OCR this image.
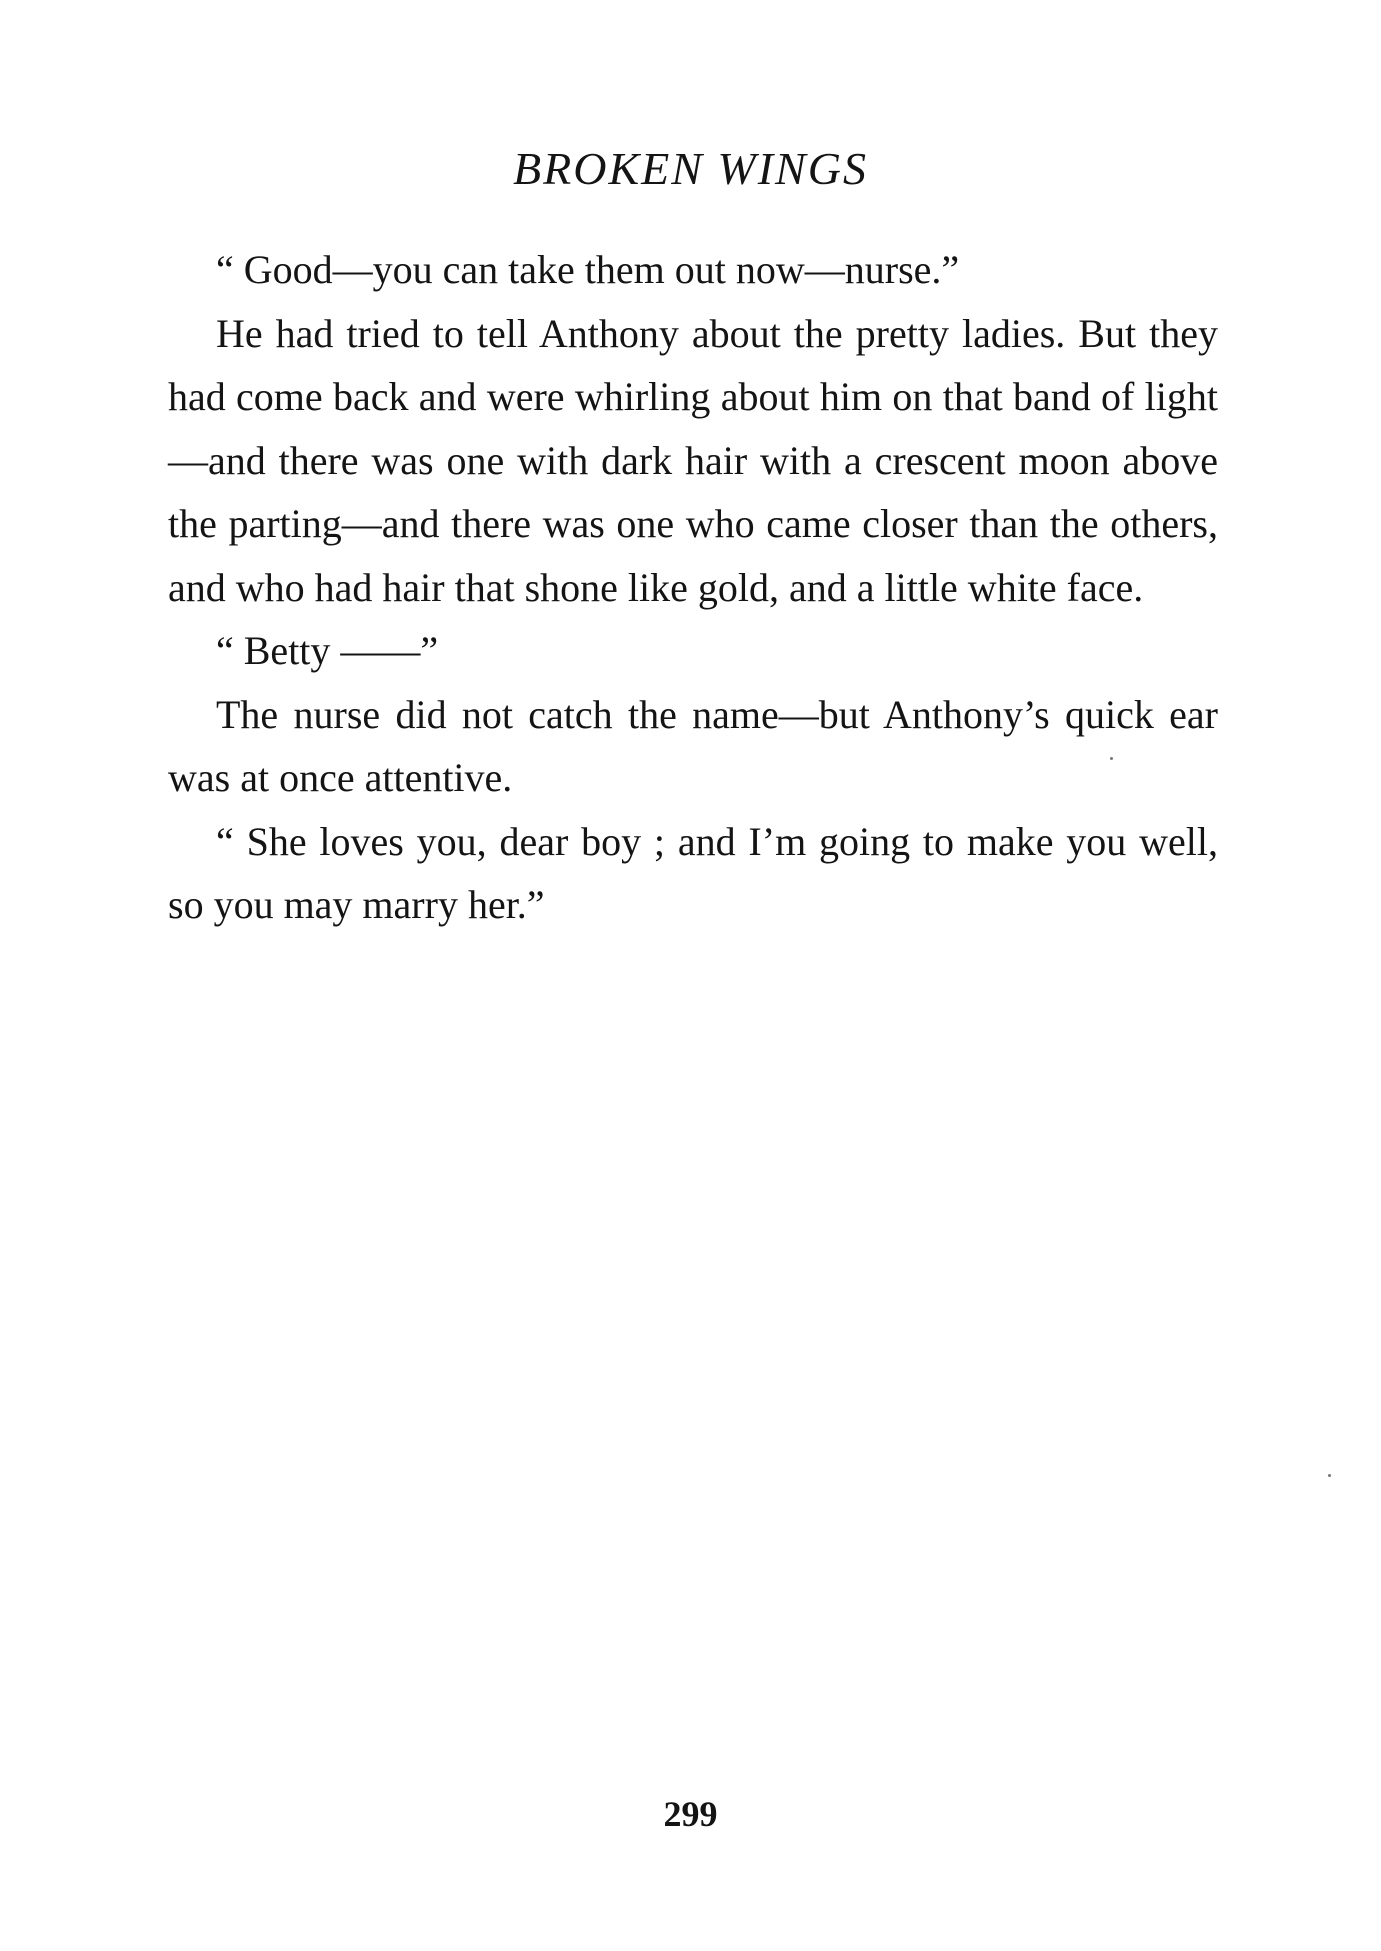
BROKEN WINGS

“ Good—you can take them out now—nurse.”

He had tried to tell Anthony about the pretty ladies. But they had come back and were whirling about him on that band of light—and there was one with dark hair with a crescent moon above the parting—and there was one who came closer than the others, and who had hair that shone like gold, and a little white face.

“ Betty ——”

The nurse did not catch the name—but Anthony’s quick ear was at once attentive.

“ She loves you, dear boy ; and I’m going to make you well, so you may marry her.”

299
